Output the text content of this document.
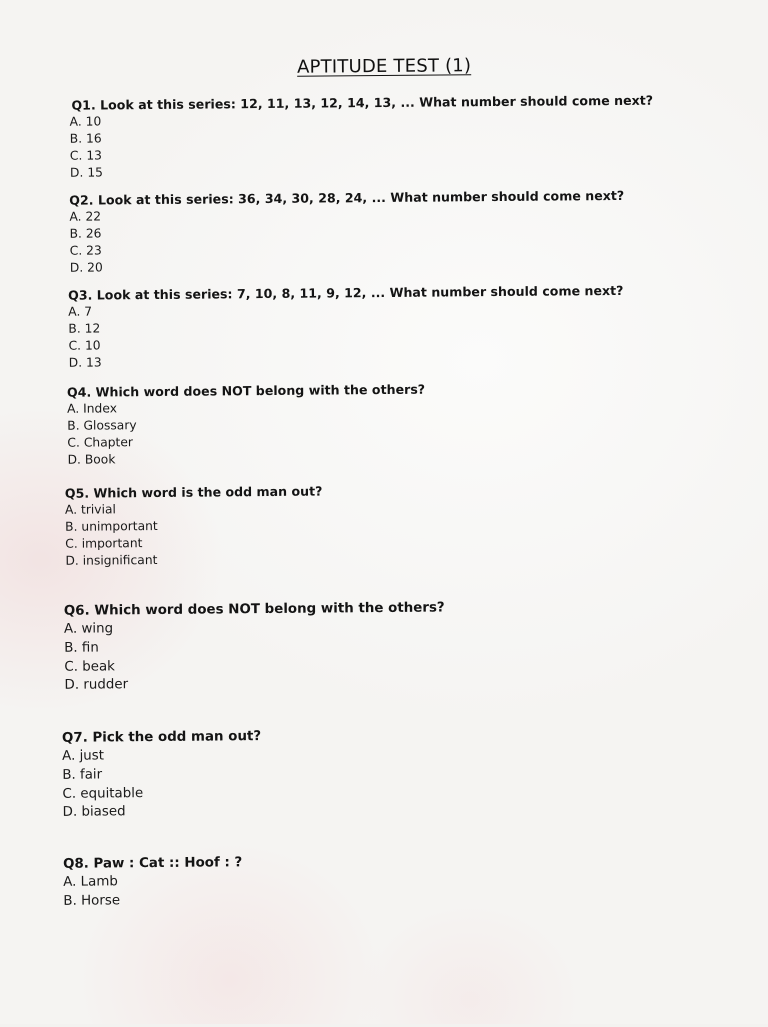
APTITUDE TEST (1)
Q1. Look at this series: 12, 11, 13, 12, 14, 13, ... What number should come next?
A. 10
B. 16
C. 13
D. 15
Q2. Look at this series: 36, 34, 30, 28, 24, ... What number should come next?
A. 22
B. 26
C. 23
D. 20
Q3. Look at this series: 7, 10, 8, 11, 9, 12, ... What number should come next?
A. 7
B. 12
C. 10
D. 13
Q4. Which word does NOT belong with the others?
A. Index
B. Glossary
C. Chapter
D. Book
Q5. Which word is the odd man out?
A. trivial
B. unimportant
C. important
D. insignificant
Q6. Which word does NOT belong with the others?
A. wing
B. fin
C. beak
D. rudder
Q7. Pick the odd man out?
A. just
B. fair
C. equitable
D. biased
Q8. Paw : Cat :: Hoof : ?
A. Lamb
B. Horse
